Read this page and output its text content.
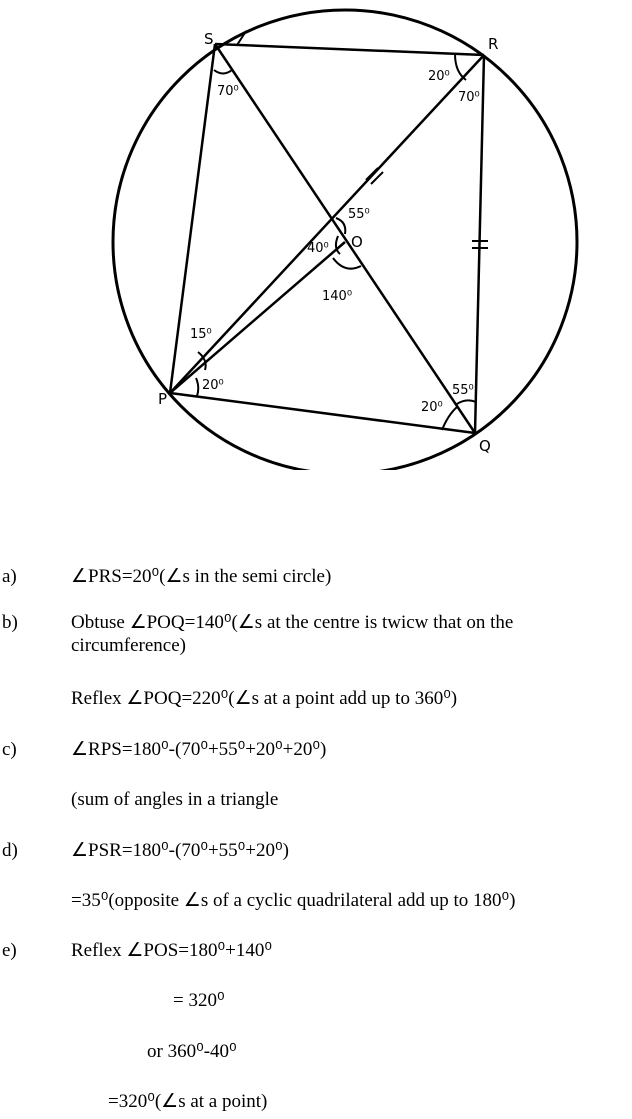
S	R
O
P
Q
70⁰
20⁰
70⁰
55⁰
40⁰
140⁰
15⁰
20⁰
20⁰
55⁰
a)	∠PRS=20⁰(∠s in the semi circle)
b)	Obtuse ∠POQ=140⁰(∠s at the centre is twicw that on the circumference)
Reflex ∠POQ=220⁰(∠s at a point add up to 360⁰)
c)	∠RPS=180⁰-(70⁰+55⁰+20⁰+20⁰)
(sum of angles in a triangle
d)	∠PSR=180⁰-(70⁰+55⁰+20⁰)
=35⁰(opposite ∠s of a cyclic quadrilateral add up to 180⁰)
e)	Reflex ∠POS=180⁰+140⁰
= 320⁰
or 360⁰-40⁰
=320⁰(∠s at a point)
